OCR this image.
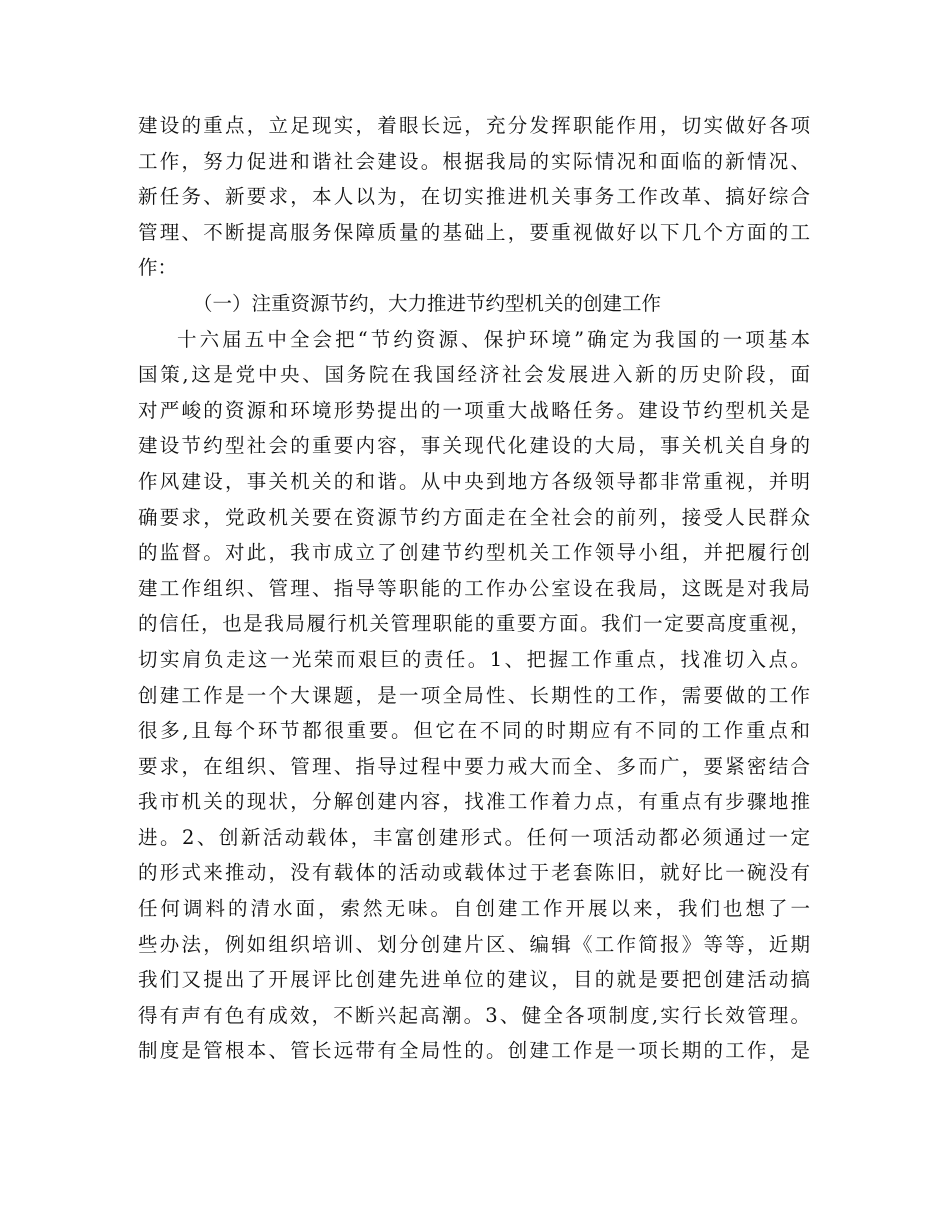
建设的重点，立足现实，着眼长远，充分发挥职能作用，切实做好各项
工作，努力促进和谐社会建设。根据我局的实际情况和面临的新情况、
新任务、新要求，本人以为，在切实推进机关事务工作改革、搞好综合
管理、不断提高服务保障质量的基础上，要重视做好以下几个方面的工
作：
（一）注重资源节约，大力推进节约型机关的创建工作
十六届五中全会把“节约资源、保护环境”确定为我国的一项基本
国策,这是党中央、国务院在我国经济社会发展进入新的历史阶段，面
对严峻的资源和环境形势提出的一项重大战略任务。建设节约型机关是
建设节约型社会的重要内容，事关现代化建设的大局，事关机关自身的
作风建设，事关机关的和谐。从中央到地方各级领导都非常重视，并明
确要求，党政机关要在资源节约方面走在全社会的前列，接受人民群众
的监督。对此，我市成立了创建节约型机关工作领导小组，并把履行创
建工作组织、管理、指导等职能的工作办公室设在我局，这既是对我局
的信任，也是我局履行机关管理职能的重要方面。我们一定要高度重视，
切实肩负走这一光荣而艰巨的责任。1、把握工作重点，找准切入点。
创建工作是一个大课题，是一项全局性、长期性的工作，需要做的工作
很多,且每个环节都很重要。但它在不同的时期应有不同的工作重点和
要求，在组织、管理、指导过程中要力戒大而全、多而广，要紧密结合
我市机关的现状，分解创建内容，找准工作着力点，有重点有步骤地推
进。2、创新活动载体，丰富创建形式。任何一项活动都必须通过一定
的形式来推动，没有载体的活动或载体过于老套陈旧，就好比一碗没有
任何调料的清水面，索然无味。自创建工作开展以来，我们也想了一
些办法，例如组织培训、划分创建片区、编辑《工作简报》等等，近期
我们又提出了开展评比创建先进单位的建议，目的就是要把创建活动搞
得有声有色有成效，不断兴起高潮。3、健全各项制度,实行长效管理。
制度是管根本、管长远带有全局性的。创建工作是一项长期的工作，是
